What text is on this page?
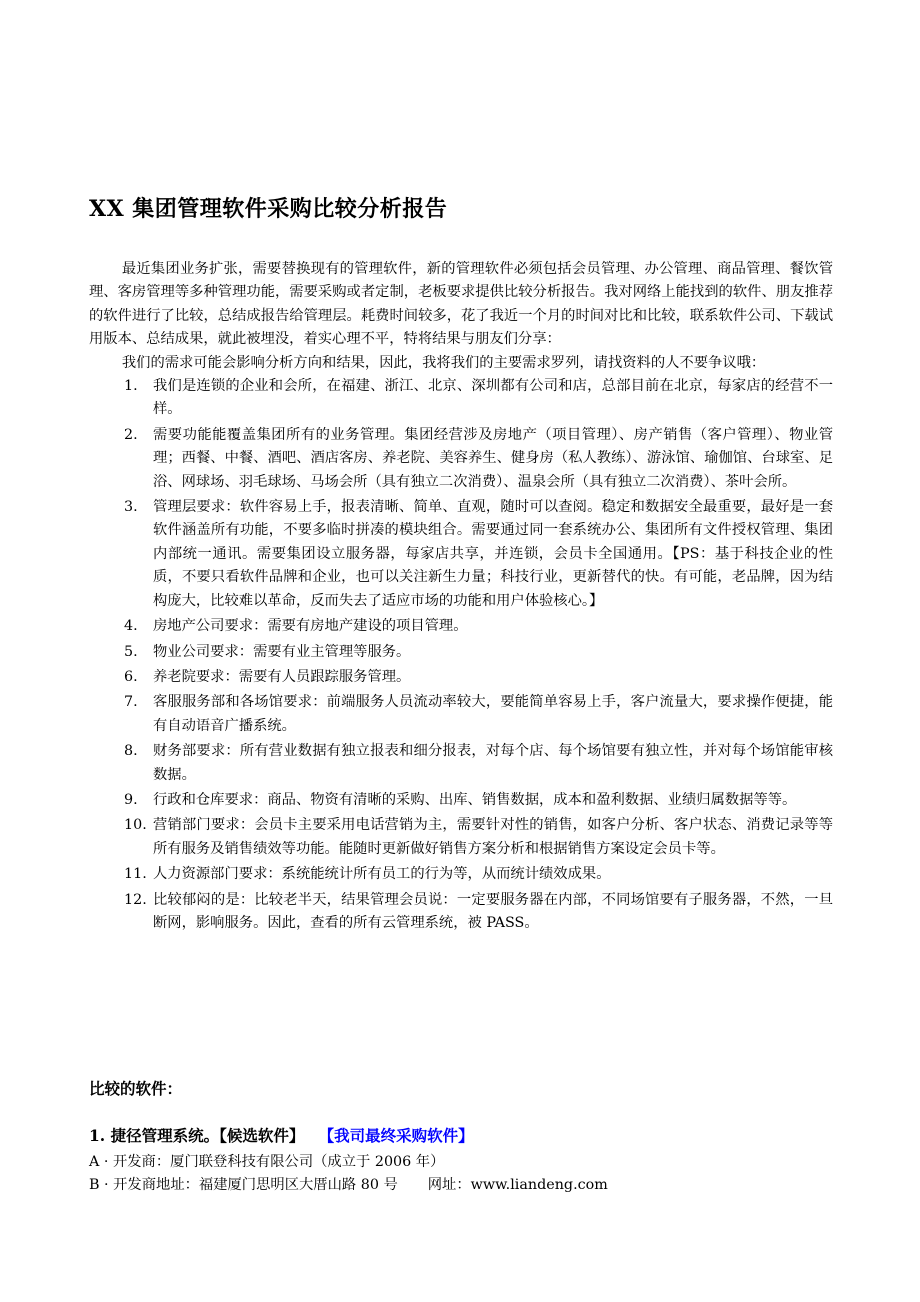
XX 集团管理软件采购比较分析报告

最近集团业务扩张，需要替换现有的管理软件，新的管理软件必须包括会员管理、办公管理、商品管理、餐饮管理、客房管理等多种管理功能，需要采购或者定制，老板要求提供比较分析报告。我对网络上能找到的软件、朋友推荐的软件进行了比较，总结成报告给管理层。耗费时间较多，花了我近一个月的时间对比和比较，联系软件公司、下载试用版本、总结成果，就此被埋没，着实心理不平，特将结果与朋友们分享：

我们的需求可能会影响分析方向和结果，因此，我将我们的主要需求罗列，请找资料的人不要争议哦：

1.	我们是连锁的企业和会所，在福建、浙江、北京、深圳都有公司和店，总部目前在北京，每家店的经营不一样。
2.	需要功能能覆盖集团所有的业务管理。集团经营涉及房地产（项目管理）、房产销售（客户管理）、物业管理；西餐、中餐、酒吧、酒店客房、养老院、美容养生、健身房（私人教练）、游泳馆、瑜伽馆、台球室、足浴、网球场、羽毛球场、马场会所（具有独立二次消费）、温泉会所（具有独立二次消费）、茶叶会所。
3.	管理层要求：软件容易上手，报表清晰、简单、直观，随时可以查阅。稳定和数据安全最重要，最好是一套软件涵盖所有功能，不要多临时拼凑的模块组合。需要通过同一套系统办公、集团所有文件授权管理、集团内部统一通讯。需要集团设立服务器，每家店共享，并连锁，会员卡全国通用。【PS：基于科技企业的性质，不要只看软件品牌和企业，也可以关注新生力量；科技行业，更新替代的快。有可能，老品牌，因为结构庞大，比较难以革命，反而失去了适应市场的功能和用户体验核心。】
4.	房地产公司要求：需要有房地产建设的项目管理。
5.	物业公司要求：需要有业主管理等服务。
6.	养老院要求：需要有人员跟踪服务管理。
7.	客服服务部和各场馆要求：前端服务人员流动率较大，要能简单容易上手，客户流量大，要求操作便捷，能有自动语音广播系统。
8.	财务部要求：所有营业数据有独立报表和细分报表，对每个店、每个场馆要有独立性，并对每个场馆能审核数据。
9.	行政和仓库要求：商品、物资有清晰的采购、出库、销售数据，成本和盈利数据、业绩归属数据等等。
10. 营销部门要求：会员卡主要采用电话营销为主，需要针对性的销售，如客户分析、客户状态、消费记录等等所有服务及销售绩效等功能。能随时更新做好销售方案分析和根据销售方案设定会员卡等。
11. 人力资源部门要求：系统能统计所有员工的行为等，从而统计绩效成果。
12. 比较郁闷的是：比较老半天，结果管理会员说：一定要服务器在内部，不同场馆要有子服务器，不然，一旦断网，影响服务。因此，查看的所有云管理系统，被 PASS。
比较的软件：
1. 捷径管理系统。【候选软件】 【我司最终采购软件】
A · 开发商：厦门联登科技有限公司（成立于 2006 年）
B · 开发商地址：福建厦门思明区大厝山路 80 号 网址：www.liandeng.com
